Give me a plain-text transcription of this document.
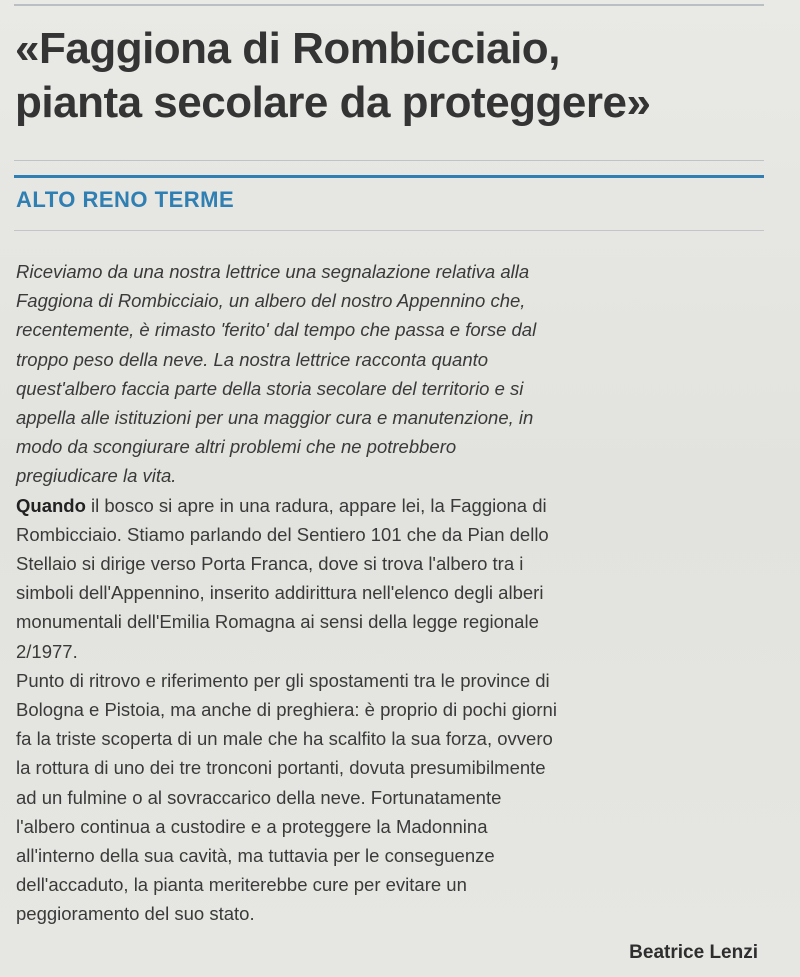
«Faggiona di Rombicciaio,
pianta secolare da proteggere»
ALTO RENO TERME
Riceviamo da una nostra lettrice una segnalazione relativa alla
Faggiona di Rombicciaio, un albero del nostro Appennino che,
recentemente, è rimasto 'ferito' dal tempo che passa e forse dal
troppo peso della neve. La nostra lettrice racconta quanto
quest'albero faccia parte della storia secolare del territorio e si
appella alle istituzioni per una maggior cura e manutenzione, in
modo da scongiurare altri problemi che ne potrebbero
pregiudicare la vita.
Quando il bosco si apre in una radura, appare lei, la Faggiona di
Rombicciaio. Stiamo parlando del Sentiero 101 che da Pian dello
Stellaio si dirige verso Porta Franca, dove si trova l'albero tra i
simboli dell'Appennino, inserito addirittura nell'elenco degli alberi
monumentali dell'Emilia Romagna ai sensi della legge regionale
2/1977.
Punto di ritrovo e riferimento per gli spostamenti tra le province di
Bologna e Pistoia, ma anche di preghiera: è proprio di pochi giorni
fa la triste scoperta di un male che ha scalfito la sua forza, ovvero
la rottura di uno dei tre tronconi portanti, dovuta presumibilmente
ad un fulmine o al sovraccarico della neve. Fortunatamente
l'albero continua a custodire e a proteggere la Madonnina
all'interno della sua cavità, ma tuttavia per le conseguenze
dell'accaduto, la pianta meriterebbe cure per evitare un
peggioramento del suo stato.

Beatrice Lenzi
